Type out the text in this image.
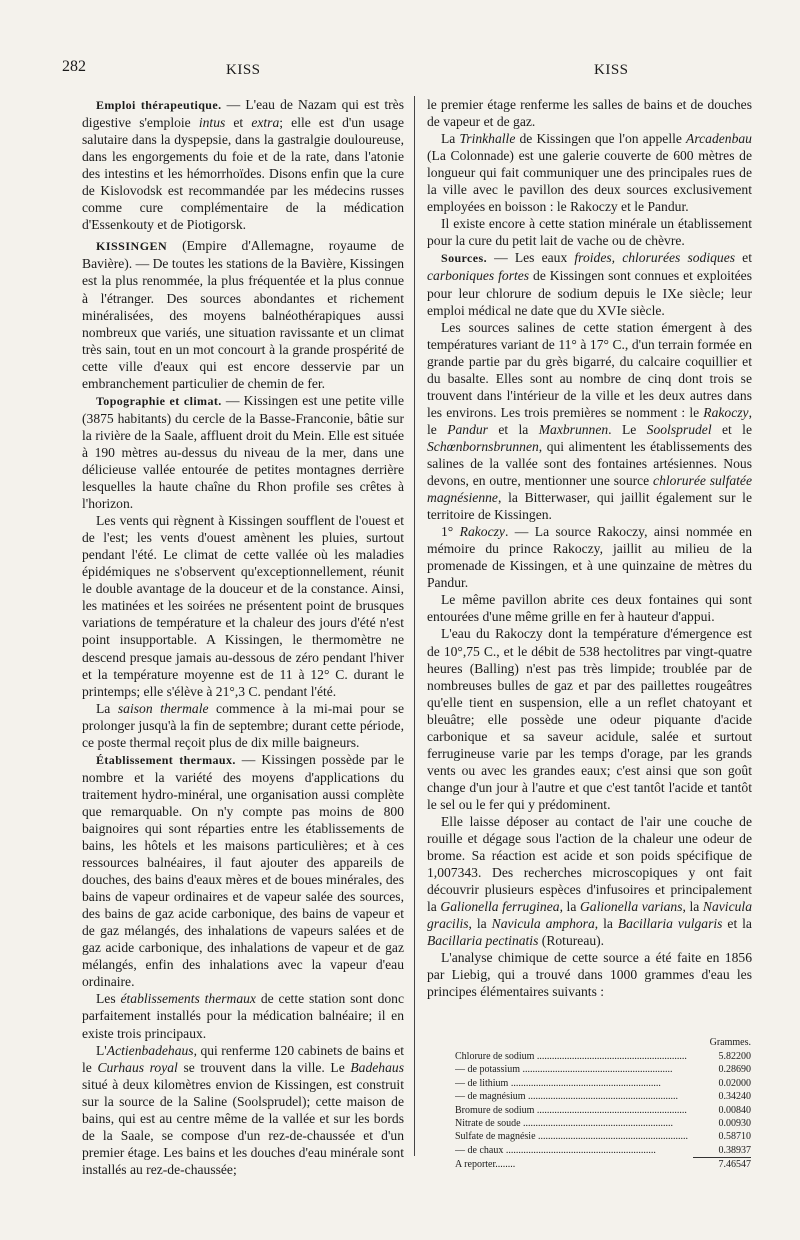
282	KISS	KISS

Emploi thérapeutique. — L'eau de Nazam qui est très digestive s'emploie intus et extra; elle est d'un usage salutaire dans la dyspepsie, dans la gastralgie douloureuse, dans les engorgements du foie et de la rate, dans l'atonie des intestins et les hémorrhoïdes. Disons enfin que la cure de Kislovodsk est recommandée par les médecins russes comme cure complémentaire de la médication d'Essenkouty et de Piotigorsk.

KISSINGEN (Empire d'Allemagne, royaume de Bavière). — De toutes les stations de la Bavière, Kissingen est la plus renommée, la plus fréquentée et la plus connue à l'étranger. Des sources abondantes et richement minéralisées, des moyens balnéothérapiques aussi nombreux que variés, une situation ravissante et un climat très sain, tout en un mot concourt à la grande prospérité de cette ville d'eaux qui est encore desservie par un embranchement particulier de chemin de fer.

Topographie et climat. — Kissingen est une petite ville (3875 habitants) du cercle de la Basse-Franconie, bâtie sur la rivière de la Saale, affluent droit du Mein. Elle est située à 190 mètres au-dessus du niveau de la mer, dans une délicieuse vallée entourée de petites montagnes derrière lesquelles la haute chaîne du Rhon profile ses crêtes à l'horizon.

Les vents qui règnent à Kissingen soufflent de l'ouest et de l'est; les vents d'ouest amènent les pluies, surtout pendant l'été. Le climat de cette vallée où les maladies épidémiques ne s'observent qu'exceptionnellement, réunit le double avantage de la douceur et de la constance. Ainsi, les matinées et les soirées ne présentent point de brusques variations de température et la chaleur des jours d'été n'est point insupportable. A Kissingen, le thermomètre ne descend presque jamais au-dessous de zéro pendant l'hiver et la température moyenne est de 11 à 12° C. durant le printemps; elle s'élève à 21°,3 C. pendant l'été.

La saison thermale commence à la mi-mai pour se prolonger jusqu'à la fin de septembre; durant cette période, ce poste thermal reçoit plus de dix mille baigneurs.

Établissement thermaux. — Kissingen possède par le nombre et la variété des moyens d'applications du traitement hydro-minéral, une organisation aussi complète que remarquable. On n'y compte pas moins de 800 baignoires qui sont réparties entre les établissements de bains, les hôtels et les maisons particulières; et à ces ressources balnéaires, il faut ajouter des appareils de douches, des bains d'eaux mères et de boues minérales, des bains de vapeur ordinaires et de vapeur salée des sources, des bains de gaz acide carbonique, des bains de vapeur et de gaz mélangés, des inhalations de vapeurs salées et de gaz acide carbonique, des inhalations de vapeur et de gaz mélangés, enfin des inhalations avec la vapeur d'eau ordinaire.

Les établissements thermaux de cette station sont donc parfaitement installés pour la médication balnéaire; il en existe trois principaux.

L'Actienbadehaus, qui renferme 120 cabinets de bains et le Curhaus royal se trouvent dans la ville. Le Badehaus situé à deux kilomètres envion de Kissingen, est construit sur la source de la Saline (Soolsprudel); cette maison de bains, qui est au centre même de la vallée et sur les bords de la Saale, se compose d'un rez-de-chaussée et d'un premier étage. Les bains et les douches d'eau minérale sont installés au rez-de-chaussée;

le premier étage renferme les salles de bains et de douches de vapeur et de gaz.

La Trinkhalle de Kissingen que l'on appelle Arcadenbau (La Colonnade) est une galerie couverte de 600 mètres de longueur qui fait communiquer une des principales rues de la ville avec le pavillon des deux sources exclusivement employées en boisson : le Rakoczy et le Pandur.

Il existe encore à cette station minérale un établissement pour la cure du petit lait de vache ou de chèvre.

Sources. — Les eaux froides, chlorurées sodiques et carboniques fortes de Kissingen sont connues et exploitées pour leur chlorure de sodium depuis le IXe siècle; leur emploi médical ne date que du XVIe siècle.

Les sources salines de cette station émergent à des températures variant de 11° à 17° C., d'un terrain formée en grande partie par du grès bigarré, du calcaire coquillier et du basalte. Elles sont au nombre de cinq dont trois se trouvent dans l'intérieur de la ville et les deux autres dans les environs. Les trois premières se nomment : le Rakoczy, le Pandur et la Maxbrunnen. Le Soolsprudel et le Schœnbornsbrunnen, qui alimentent les établissements des salines de la vallée sont des fontaines artésiennes. Nous devons, en outre, mentionner une source chlorurée sulfatée magnésienne, la Bitterwaser, qui jaillit également sur le territoire de Kissingen.

1° Rakoczy. — La source Rakoczy, ainsi nommée en mémoire du prince Rakoczy, jaillit au milieu de la promenade de Kissingen, et à une quinzaine de mètres du Pandur.

Le même pavillon abrite ces deux fontaines qui sont entourées d'une même grille en fer à hauteur d'appui.

L'eau du Rakoczy dont la température d'émergence est de 10°,75 C., et le débit de 538 hectolitres par vingt-quatre heures (Balling) n'est pas très limpide; troublée par de nombreuses bulles de gaz et par des paillettes rougeâtres qu'elle tient en suspension, elle a un reflet chatoyant et bleuâtre; elle possède une odeur piquante d'acide carbonique et sa saveur acidule, salée et surtout ferrugineuse varie par les temps d'orage, par les grands vents ou avec les grandes eaux; c'est ainsi que son goût change d'un jour à l'autre et que c'est tantôt l'acide et tantôt le sel ou le fer qui y prédominent.

Elle laisse déposer au contact de l'air une couche de rouille et dégage sous l'action de la chaleur une odeur de brome. Sa réaction est acide et son poids spécifique de 1,007343. Des recherches microscopiques y ont fait découvrir plusieurs espèces d'infusoires et principalement la Galionella ferruginea, la Galionella varians, la Navicula gracilis, la Navicula amphora, la Bacillaria vulgaris et la Bacillaria pectinatis (Rotureau).

L'analyse chimique de cette source a été faite en 1856 par Liebig, qui a trouvé dans 1000 grammes d'eau les principes élémentaires suivants :

	Grammes.
Chlorure de sodium ............................................................	5.82200
— de potassium ............................................................	0.28690
— de lithium ............................................................	0.02000
— de magnésium ............................................................	0.34240
Bromure de sodium ............................................................	0.00840
Nitrate de soude ............................................................	0.00930
Sulfate de magnésie ............................................................	0.58710
— de chaux ............................................................	0.38937
A reporter........	7.46547
